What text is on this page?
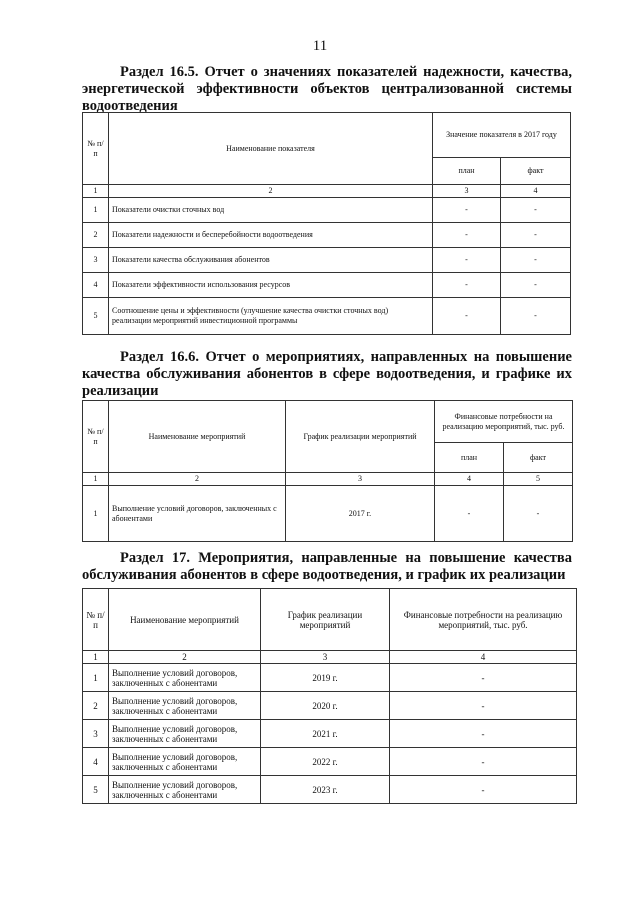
11
Раздел 16.5. Отчет о значениях показателей надежности, качества, энергетической эффективности объектов централизованной системы водоотведения
№ п/п	Наименование показателя	Значение показателя в 2017 году	
		план	факт
1	2	3	4
1	Показатели очистки сточных вод	-	-
2	Показатели надежности и бесперебойности водоотведения	-	-
3	Показатели качества обслуживания абонентов	-	-
4	Показатели эффективности использования ресурсов	-	-
5	Соотношение цены и эффективности (улучшение качества очистки сточных вод) реализации мероприятий инвестиционной программы	-	-
Раздел 16.6. Отчет о мероприятиях, направленных на повышение качества обслуживания абонентов в сфере водоотведения, и графике их реализации
№ п/п	Наименование мероприятий	График реализации мероприятий	Финансовые потребности на реализацию мероприятий, тыс. руб.	
			план	факт
1	2	3	4	5
1	Выполнение условий договоров, заключенных с абонентами	2017 г.	-	-
Раздел 17. Мероприятия, направленные на повышение качества обслуживания абонентов в сфере водоотведения, и график их реализации
№ п/п	Наименование мероприятий	График реализации мероприятий	Финансовые потребности на реализацию мероприятий, тыс. руб.
1	2	3	4
1	Выполнение условий договоров, заключенных с абонентами	2019 г.	-
2	Выполнение условий договоров, заключенных с абонентами	2020 г.	-
3	Выполнение условий договоров, заключенных с абонентами	2021 г.	-
4	Выполнение условий договоров, заключенных с абонентами	2022 г.	-
5	Выполнение условий договоров, заключенных с абонентами	2023 г.	-
